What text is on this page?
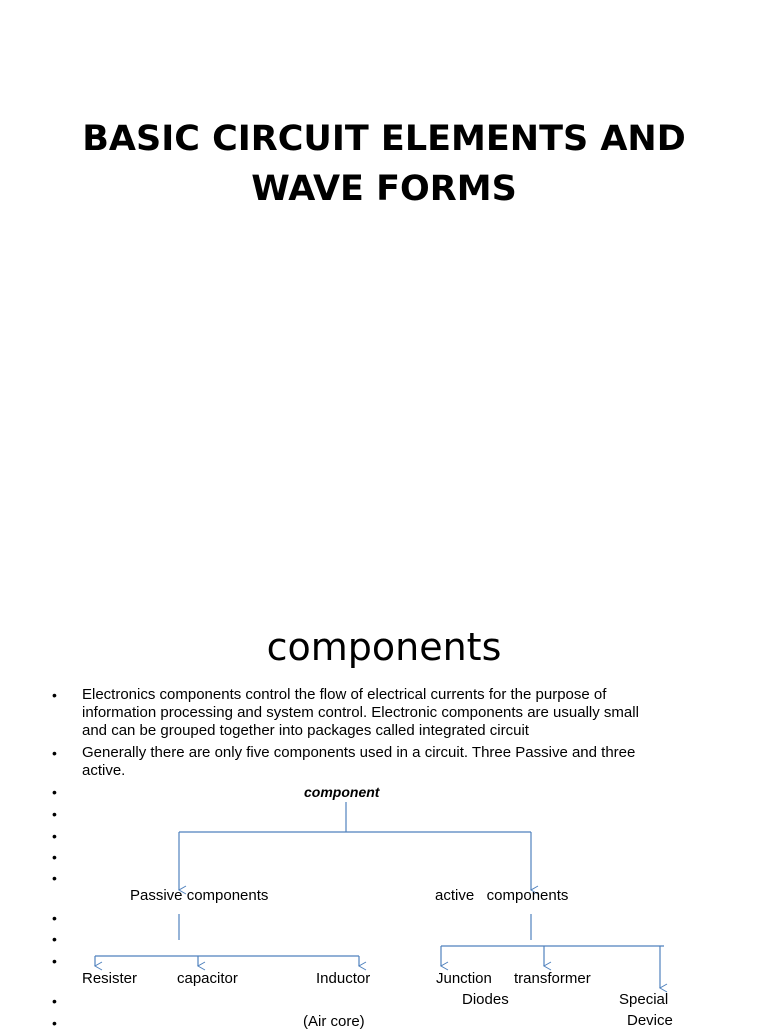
BASIC CIRCUIT ELEMENTS AND
WAVE FORMS
components
• Electronics components control the flow of electrical currents for the purpose of
information processing and system control. Electronic components are usually small
and can be grouped together into packages called integrated circuit
• Generally there are only five components used in a circuit. Three Passive and three
active.
•
•
•
•
•
•
•
•
•
•
component
Passive components	active   components
Resister	capacitor	Inductor
(Air core)
Junction
Diodes
transformer
Special
Device
